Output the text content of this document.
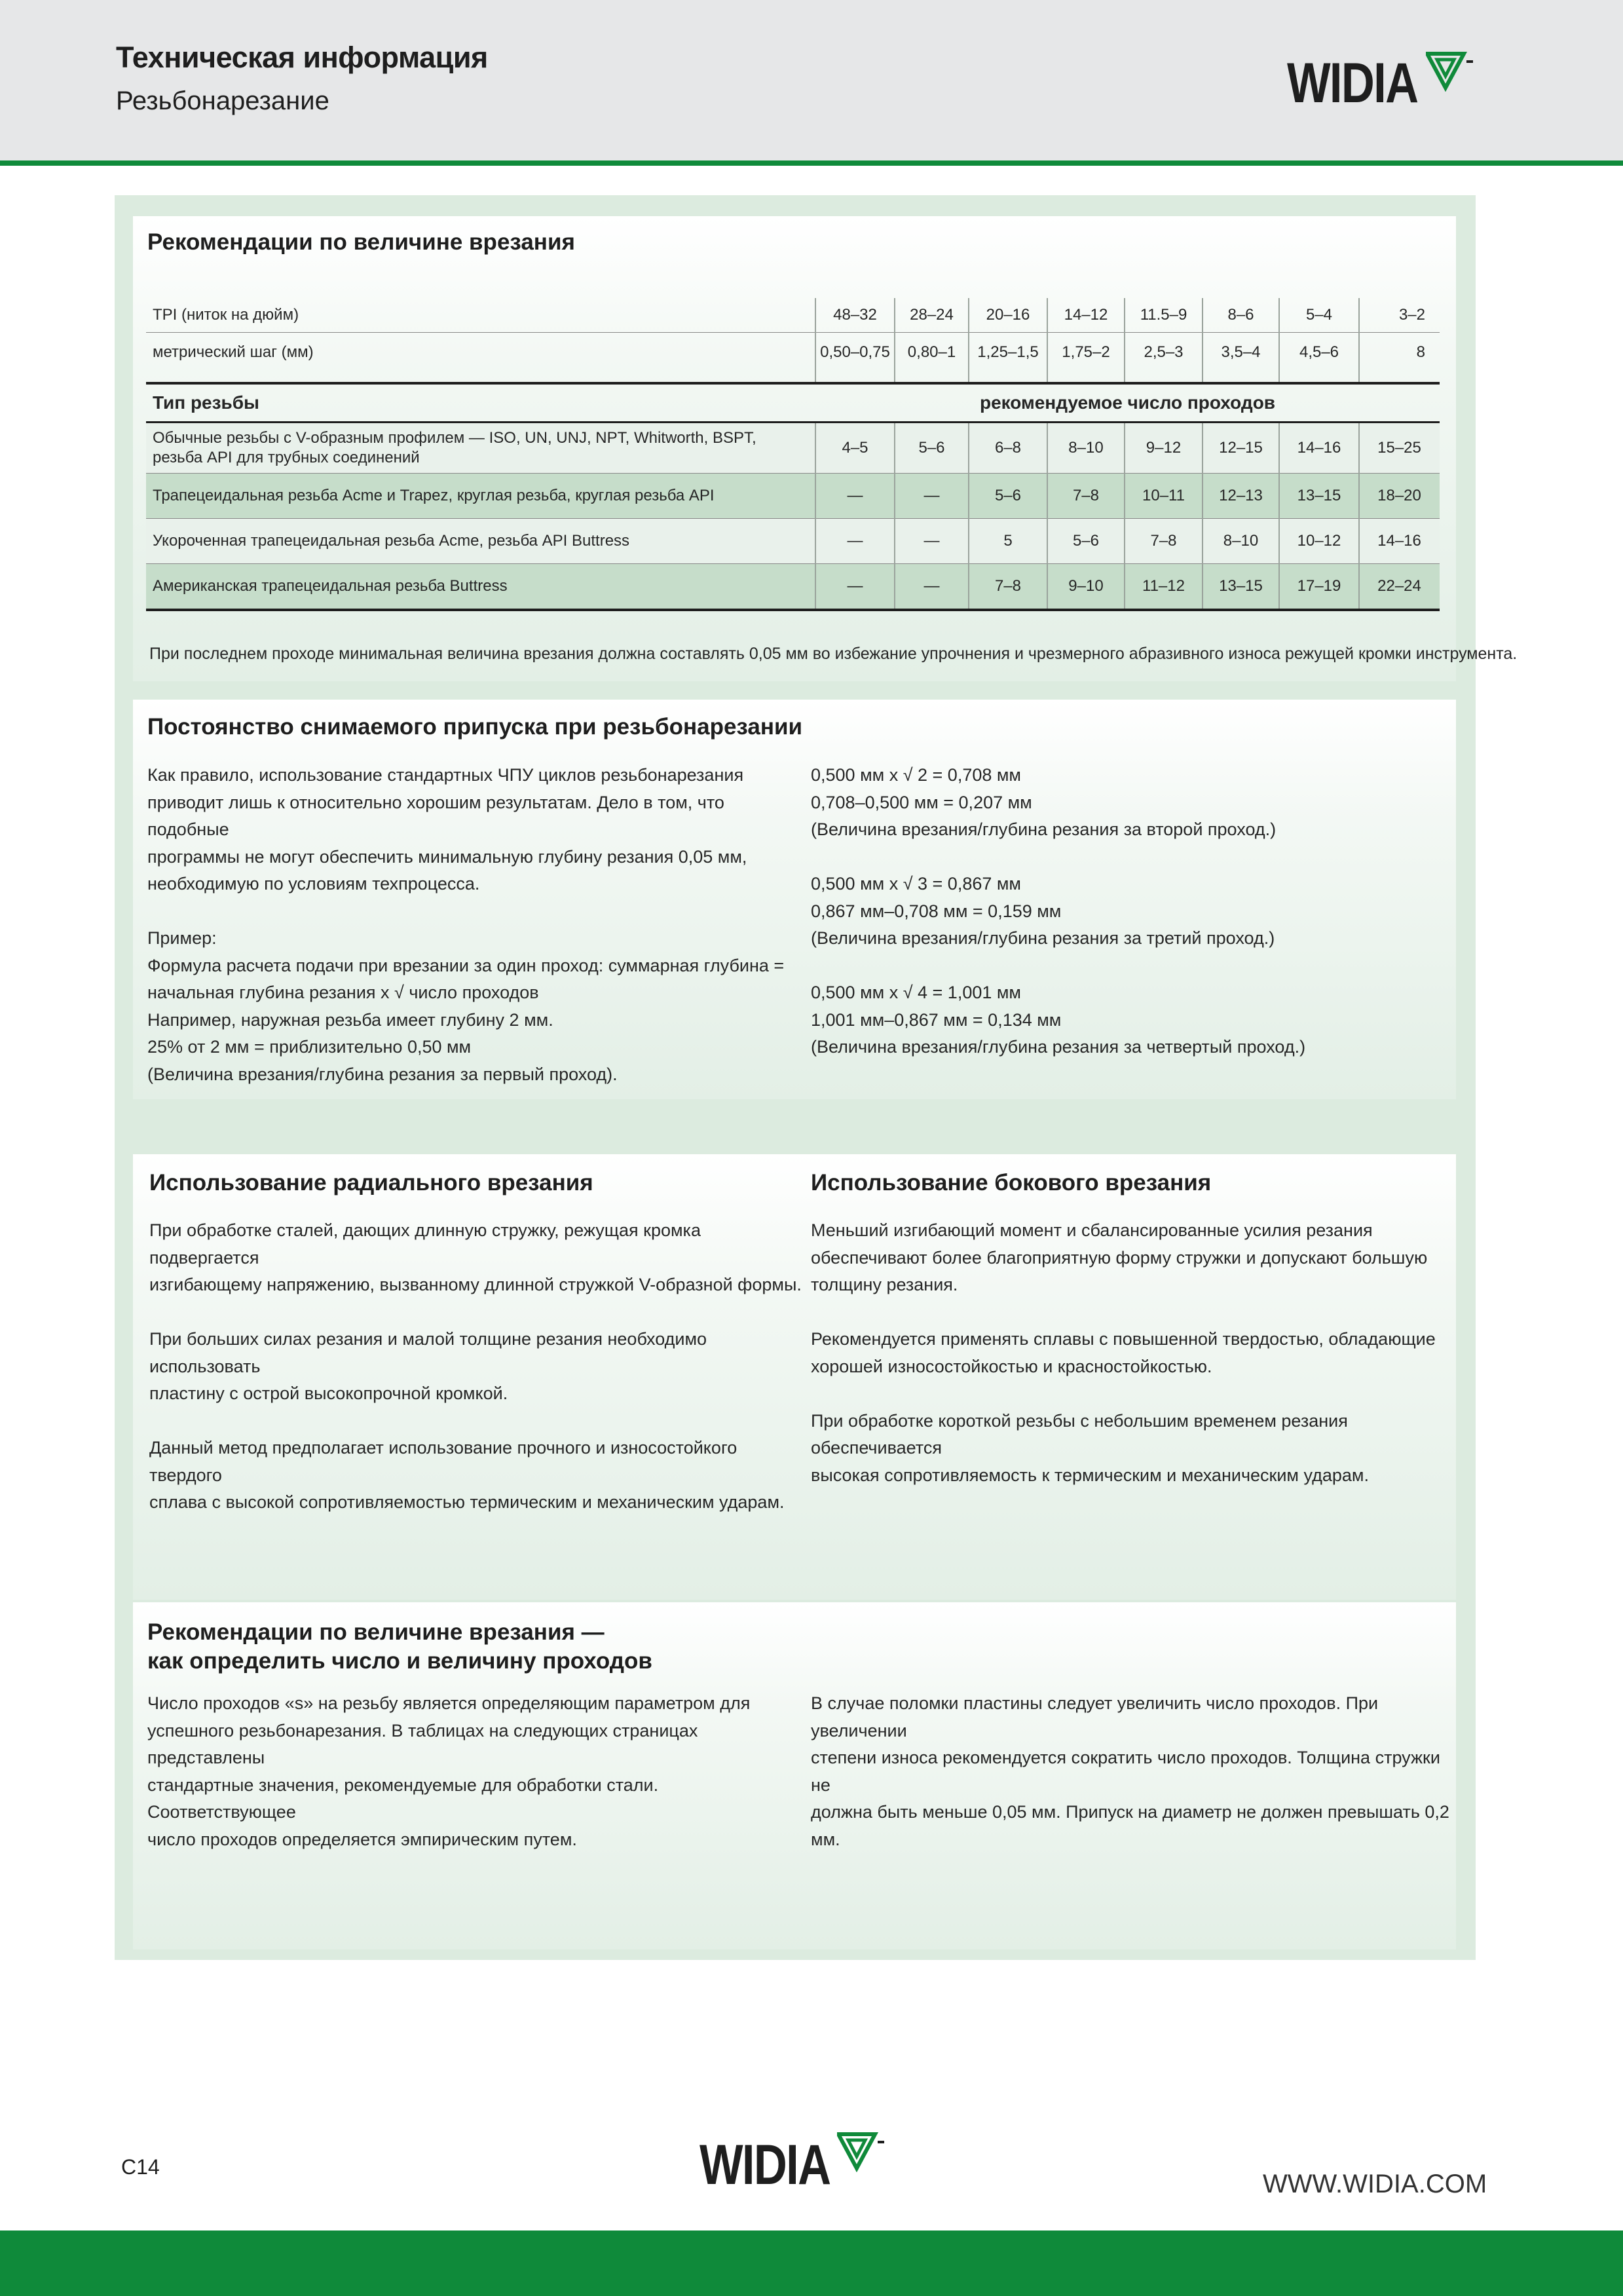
Техническая информация
Резьбонарезание	WIDIA
Рекомендации по величине врезания
TPI (ниток на дюйм)	48–32	28–24	20–16	14–12	11.5–9	8–6	5–4	3–2
метрический шаг (мм)	0,50–0,75	0,80–1	1,25–1,5	1,75–2	2,5–3	3,5–4	4,5–6	8
Тип резьбы	рекомендуемое число проходов
Обычные резьбы с V-образным профилем — ISO, UN, UNJ, NPT, Whitworth, BSPT,
резьба API для трубных соединений
4–5	5–6	6–8	8–10	9–12	12–15	14–16	15–25
Трапецеидальная резьба Acme и Trapez, круглая резьба, круглая резьба API	—	—	5–6	7–8	10–11	12–13	13–15	18–20
Укороченная трапецеидальная резьба Acme, резьба API Buttress	—	—	5	5–6	7–8	8–10	10–12	14–16
Американская трапецеидальная резьба Buttress	—	—	7–8	9–10	11–12	13–15	17–19	22–24
При последнем проходе минимальная величина врезания должна составлять 0,05 мм во избежание упрочнения и чрезмерного абразивного износа режущей кромки инструмента.
Постоянство снимаемого припуска при резьбонарезании
Как правило, использование стандартных ЧПУ циклов резьбонарезания
приводит лишь к относительно хорошим результатам. Дело в том, что подобные
программы не могут обеспечить минимальную глубину резания 0,05 мм,
необходимую по условиям техпроцесса.

Пример:
Формула расчета подачи при врезании за один проход: суммарная глубина =
начальная глубина резания x √ число проходов
Например, наружная резьба имеет глубину 2 мм.
25% от 2 мм = приблизительно 0,50 мм
(Величина врезания/глубина резания за первый проход).
0,500 мм x √ 2 = 0,708 мм
0,708–0,500 мм = 0,207 мм
(Величина врезания/глубина резания за второй проход.)

0,500 мм x √ 3 = 0,867 мм
0,867 мм–0,708 мм = 0,159 мм
(Величина врезания/глубина резания за третий проход.)

0,500 мм x √ 4 = 1,001 мм
1,001 мм–0,867 мм = 0,134 мм
(Величина врезания/глубина резания за четвертый проход.)
Использование радиального врезания
При обработке сталей, дающих длинную стружку, режущая кромка подвергается
изгибающему напряжению, вызванному длинной стружкой V-образной формы.

При больших силах резания и малой толщине резания необходимо использовать
пластину с острой высокопрочной кромкой.

Данный метод предполагает использование прочного и износостойкого твердого
сплава с высокой сопротивляемостью термическим и механическим ударам.
Использование бокового врезания
Меньший изгибающий момент и сбалансированные усилия резания
обеспечивают более благоприятную форму стружки и допускают большую
толщину резания.

Рекомендуется применять сплавы с повышенной твердостью, обладающие
хорошей износостойкостью и красностойкостью.

При обработке короткой резьбы с небольшим временем резания обеспечивается
высокая сопротивляемость к термическим и механическим ударам.
Рекомендации по величине врезания —
как определить число и величину проходов
Число проходов «s» на резьбу является определяющим параметром для
успешного резьбонарезания. В таблицах на следующих страницах представлены
стандартные значения, рекомендуемые для обработки стали. Соответствующее
число проходов определяется эмпирическим путем.
В случае поломки пластины следует увеличить число проходов. При увеличении
степени износа рекомендуется сократить число проходов. Толщина стружки не
должна быть меньше 0,05 мм. Припуск на диаметр не должен превышать 0,2 мм.
C14	WIDIA	WWW.WIDIA.COM
